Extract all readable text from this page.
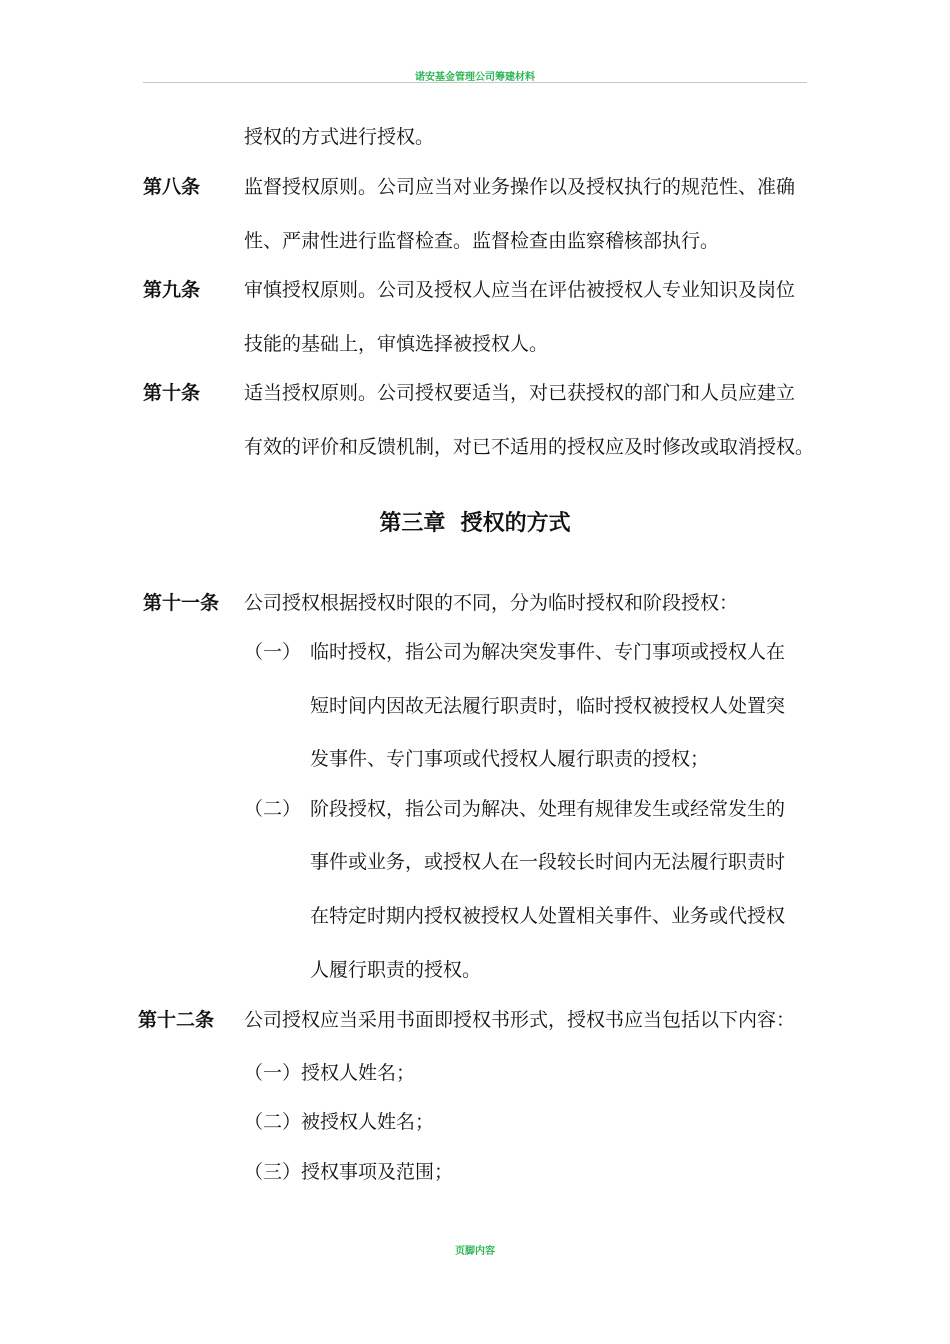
诺安基金管理公司筹建材料
授权的方式进行授权。
第八条 监督授权原则。公司应当对业务操作以及授权执行的规范性、准确
性、严肃性进行监督检查。监督检查由监察稽核部执行。
第九条 审慎授权原则。公司及授权人应当在评估被授权人专业知识及岗位
技能的基础上，审慎选择被授权人。
第十条 适当授权原则。公司授权要适当，对已获授权的部门和人员应建立
有效的评价和反馈机制，对已不适用的授权应及时修改或取消授权。
第三章  授权的方式
第十一条 公司授权根据授权时限的不同，分为临时授权和阶段授权：
（一） 临时授权，指公司为解决突发事件、专门事项或授权人在
短时间内因故无法履行职责时，临时授权被授权人处置突
发事件、专门事项或代授权人履行职责的授权；
（二） 阶段授权，指公司为解决、处理有规律发生或经常发生的
事件或业务，或授权人在一段较长时间内无法履行职责时
在特定时期内授权被授权人处置相关事件、业务或代授权
人履行职责的授权。
第十二条 公司授权应当采用书面即授权书形式，授权书应当包括以下内容：
（一）授权人姓名；
（二）被授权人姓名；
（三）授权事项及范围；
页脚内容
